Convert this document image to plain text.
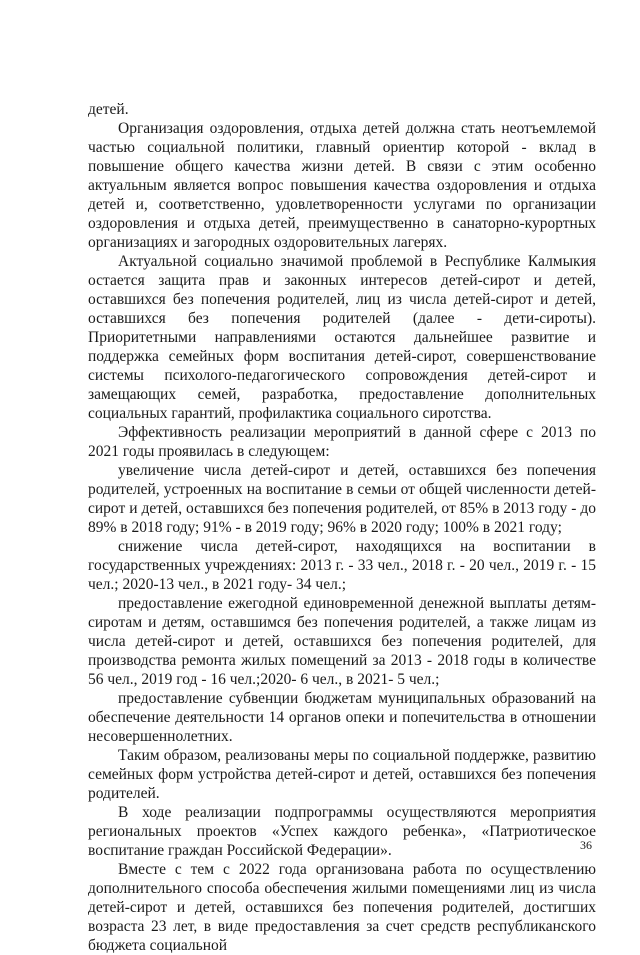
детей.

Организация оздоровления, отдыха детей должна стать неотъемлемой частью социальной политики, главный ориентир которой - вклад в повышение общего качества жизни детей. В связи с этим особенно актуальным является вопрос повышения качества оздоровления и отдыха детей и, соответственно, удовлетворенности услугами по организации оздоровления и отдыха детей, преимущественно в санаторно-курортных организациях и загородных оздоровительных лагерях.

Актуальной социально значимой проблемой в Республике Калмыкия остается защита прав и законных интересов детей-сирот и детей, оставшихся без попечения родителей, лиц из числа детей-сирот и детей, оставшихся без попечения родителей (далее - дети-сироты). Приоритетными направлениями остаются дальнейшее развитие и поддержка семейных форм воспитания детей-сирот, совершенствование системы психолого-педагогического сопровождения детей-сирот и замещающих семей, разработка, предоставление дополнительных социальных гарантий, профилактика социального сиротства.

Эффективность реализации мероприятий в данной сфере с 2013 по 2021 годы проявилась в следующем:

увеличение числа детей-сирот и детей, оставшихся без попечения родителей, устроенных на воспитание в семьи от общей численности детей-сирот и детей, оставшихся без попечения родителей, от 85% в 2013 году - до 89% в 2018 году; 91% - в 2019 году; 96% в 2020 году; 100% в 2021 году;

снижение числа детей-сирот, находящихся на воспитании в государственных учреждениях: 2013 г. - 33 чел., 2018 г. - 20 чел., 2019 г. - 15 чел.; 2020-13 чел., в 2021 году- 34 чел.;

предоставление ежегодной единовременной денежной выплаты детям-сиротам и детям, оставшимся без попечения родителей, а также лицам из числа детей-сирот и детей, оставшихся без попечения родителей, для производства ремонта жилых помещений за 2013 - 2018 годы в количестве 56 чел., 2019 год - 16 чел.;2020- 6 чел., в 2021- 5 чел.;

предоставление субвенции бюджетам муниципальных образований на обеспечение деятельности 14 органов опеки и попечительства в отношении несовершеннолетних.

Таким образом, реализованы меры по социальной поддержке, развитию семейных форм устройства детей-сирот и детей, оставшихся без попечения родителей.

В ходе реализации подпрограммы осуществляются мероприятия региональных проектов «Успех каждого ребенка», «Патриотическое воспитание граждан Российской Федерации».

Вместе с тем с 2022 года организована работа по осуществлению дополнительного способа обеспечения жилыми помещениями лиц из числа детей-сирот и детей, оставшихся без попечения родителей, достигших возраста 23 лет, в виде предоставления за счет средств республиканского бюджета социальной

36
